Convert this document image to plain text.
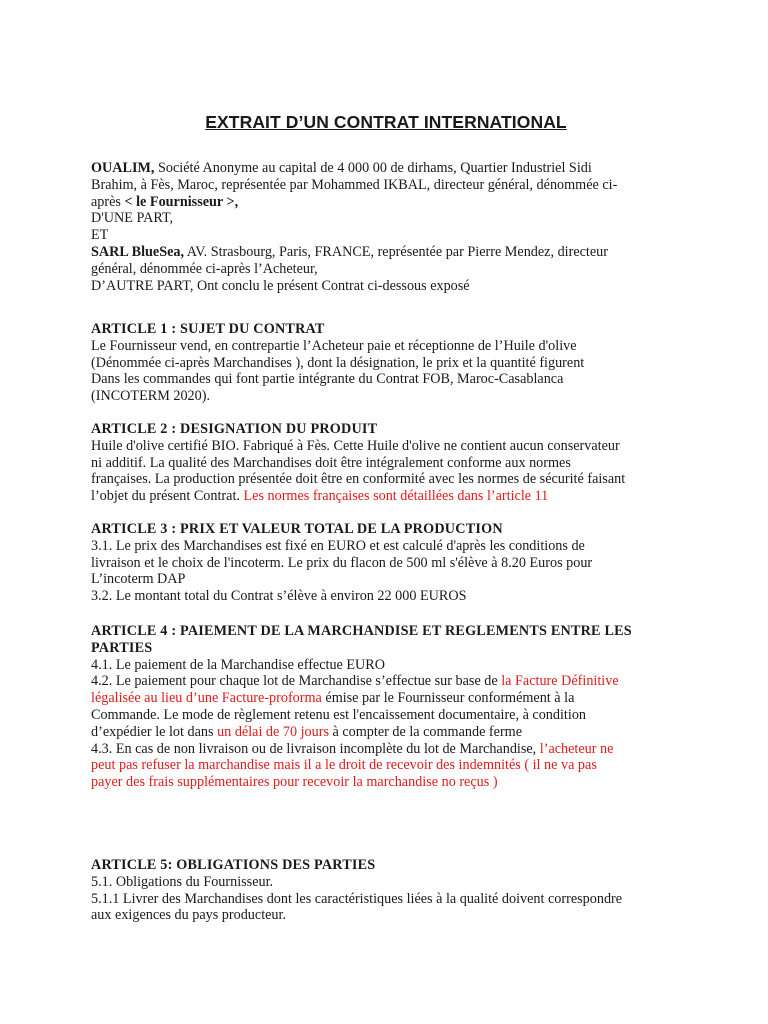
EXTRAIT D’UN CONTRAT INTERNATIONAL
OUALIM, Société Anonyme au capital de 4 000 00 de dirhams, Quartier Industriel Sidi
Brahim, à Fès, Maroc, représentée par Mohammed IKBAL, directeur général, dénommée ci-
après < le Fournisseur >,
D'UNE PART,
ET
SARL BlueSea, AV. Strasbourg, Paris, FRANCE, représentée par Pierre Mendez, directeur
général, dénommée ci-après l’Acheteur,
D’AUTRE PART, Ont conclu le présent Contrat ci-dessous exposé
ARTICLE 1 : SUJET DU CONTRAT
Le Fournisseur vend, en contrepartie l’Acheteur paie et réceptionne de l’Huile d'olive
(Dénommée ci-après Marchandises ), dont la désignation, le prix et la quantité figurent
Dans les commandes qui font partie intégrante du Contrat FOB, Maroc-Casablanca
(INCOTERM 2020).
ARTICLE 2 : DESIGNATION DU PRODUIT
Huile d'olive certifié BIO. Fabriqué à Fès. Cette Huile d'olive ne contient aucun conservateur
ni additif. La qualité des Marchandises doit être intégralement conforme aux normes
françaises. La production présentée doit être en conformité avec les normes de sécurité faisant
l’objet du présent Contrat. Les normes françaises sont détaillées dans l’article 11
ARTICLE 3 : PRIX ET VALEUR TOTAL DE LA PRODUCTION
3.1. Le prix des Marchandises est fixé en EURO et est calculé d'après les conditions de
livraison et le choix de l'incoterm. Le prix du flacon de 500 ml s'élève à 8.20 Euros pour
L’incoterm DAP
3.2. Le montant total du Contrat s’élève à environ 22 000 EUROS
ARTICLE 4 : PAIEMENT DE LA MARCHANDISE ET REGLEMENTS ENTRE LES
PARTIES
4.1. Le paiement de la Marchandise effectue EURO
4.2. Le paiement pour chaque lot de Marchandise s’effectue sur base de la Facture Définitive
légalisée au lieu d’une Facture-proforma émise par le Fournisseur conformément à la
Commande. Le mode de règlement retenu est l'encaissement documentaire, à condition
d’expédier le lot dans un délai de 70 jours à compter de la commande ferme
4.3. En cas de non livraison ou de livraison incomplète du lot de Marchandise, l’acheteur ne
peut pas refuser la marchandise mais il a le droit de recevoir des indemnités ( il ne va pas
payer des frais supplémentaires pour recevoir la marchandise no reçus )
ARTICLE 5: OBLIGATIONS DES PARTIES
5.1. Obligations du Fournisseur.
5.1.1 Livrer des Marchandises dont les caractéristiques liées à la qualité doivent correspondre
aux exigences du pays producteur.
